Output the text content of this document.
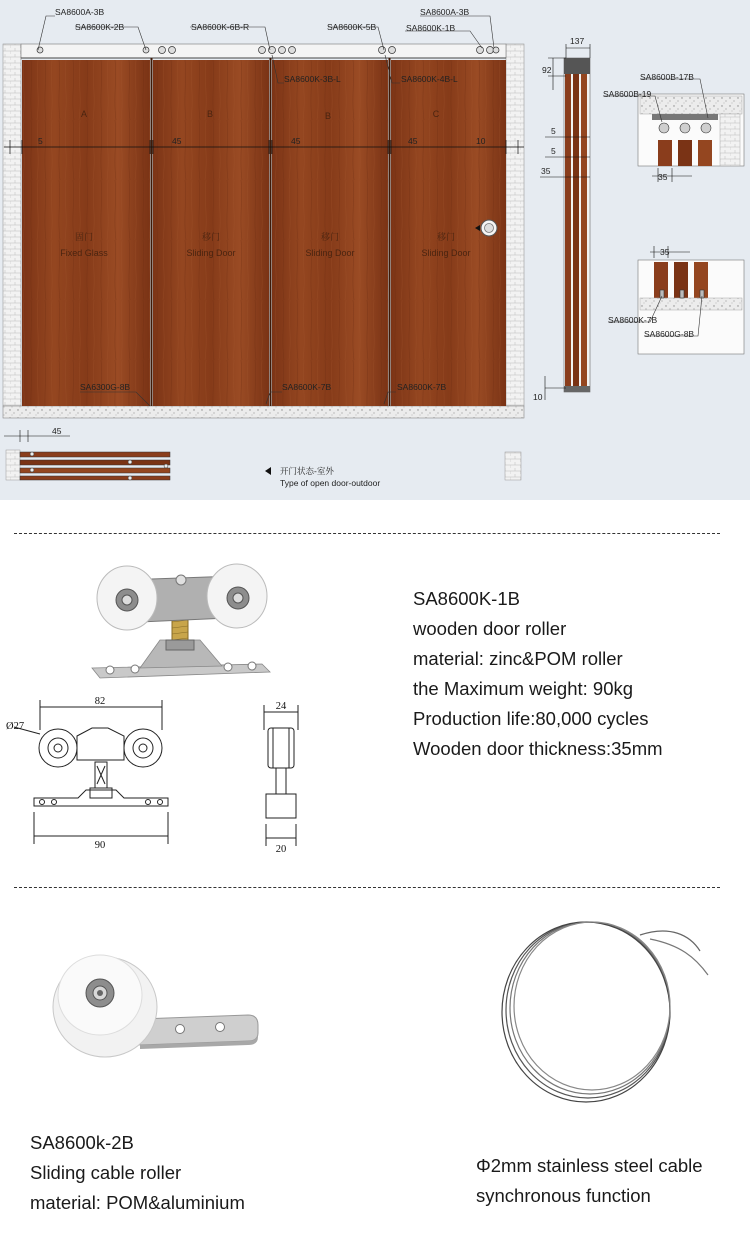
SA8600A-3B
SA8600K-2B	SA8600K-6B-R	SA8600K-5B
SA8600A-3B
SA8600K-1B
SA8600K-3B-L	SA8600K-4B-L
A	B	B	C
5	45	45	45	10
固门
Fixed Glass
移门
Sliding Door
移门
Sliding Door
移门
Sliding Door
SA6300G-8B	SA8600K-7B	SA8600K-7B
137
92
5
5
35
10
SA8600B-17B
SA8600B-19
35
35
SA8600K-7B
SA8600G-8B
45
开门状态-室外
Type of open door-outdoor
82
Ø27
90
24
20
SA8600K-1B
wooden door roller
material: zinc&POM roller
the Maximum weight: 90kg
Production life:80,000 cycles
Wooden door thickness:35mm
SA8600k-2B
Sliding cable roller
material: POM&aluminium
Φ2mm stainless steel cable
synchronous function
